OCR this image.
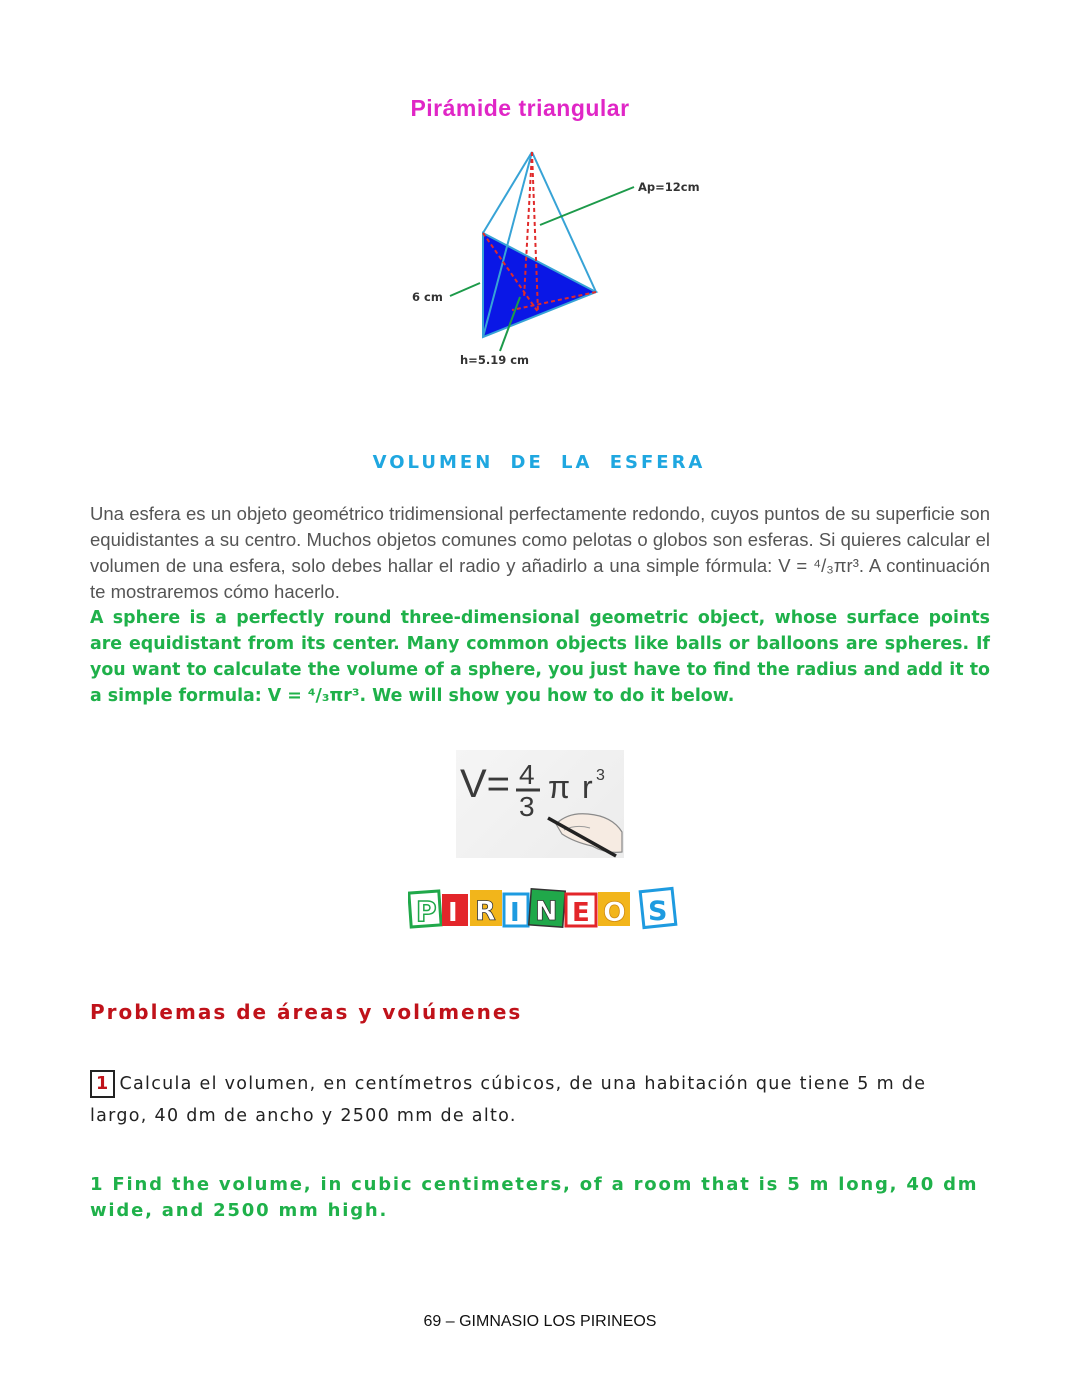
Pirámide triangular
Ap=12cm
6 cm
h=5.19 cm
VOLUMEN DE LA ESFERA
Una esfera es un objeto geométrico tridimensional perfectamente redondo, cuyos puntos de su superficie son equidistantes a su centro. Muchos objetos comunes como pelotas o globos son esferas. Si quieres calcular el volumen de una esfera, solo debes hallar el radio y añadirlo a una simple fórmula: V = ⁴/₃πr³. A continuación te mostraremos cómo hacerlo.
A sphere is a perfectly round three-dimensional geometric object, whose surface points are equidistant from its center. Many common objects like balls or balloons are spheres. If you want to calculate the volume of a sphere, you just have to find the radius and add it to a simple formula: V = ⁴/₃πr³. We will show you how to do it below.
V= 4
3
π r 3
P I R I N E O S
Problemas de áreas y volúmenes
1 Calcula el volumen, en centímetros cúbicos, de una habitación que tiene 5 m de largo, 40 dm de ancho y 2500 mm de alto.
1 Find the volume, in cubic centimeters, of a room that is 5 m long, 40 dm wide, and 2500 mm high.
69 – GIMNASIO LOS PIRINEOS
